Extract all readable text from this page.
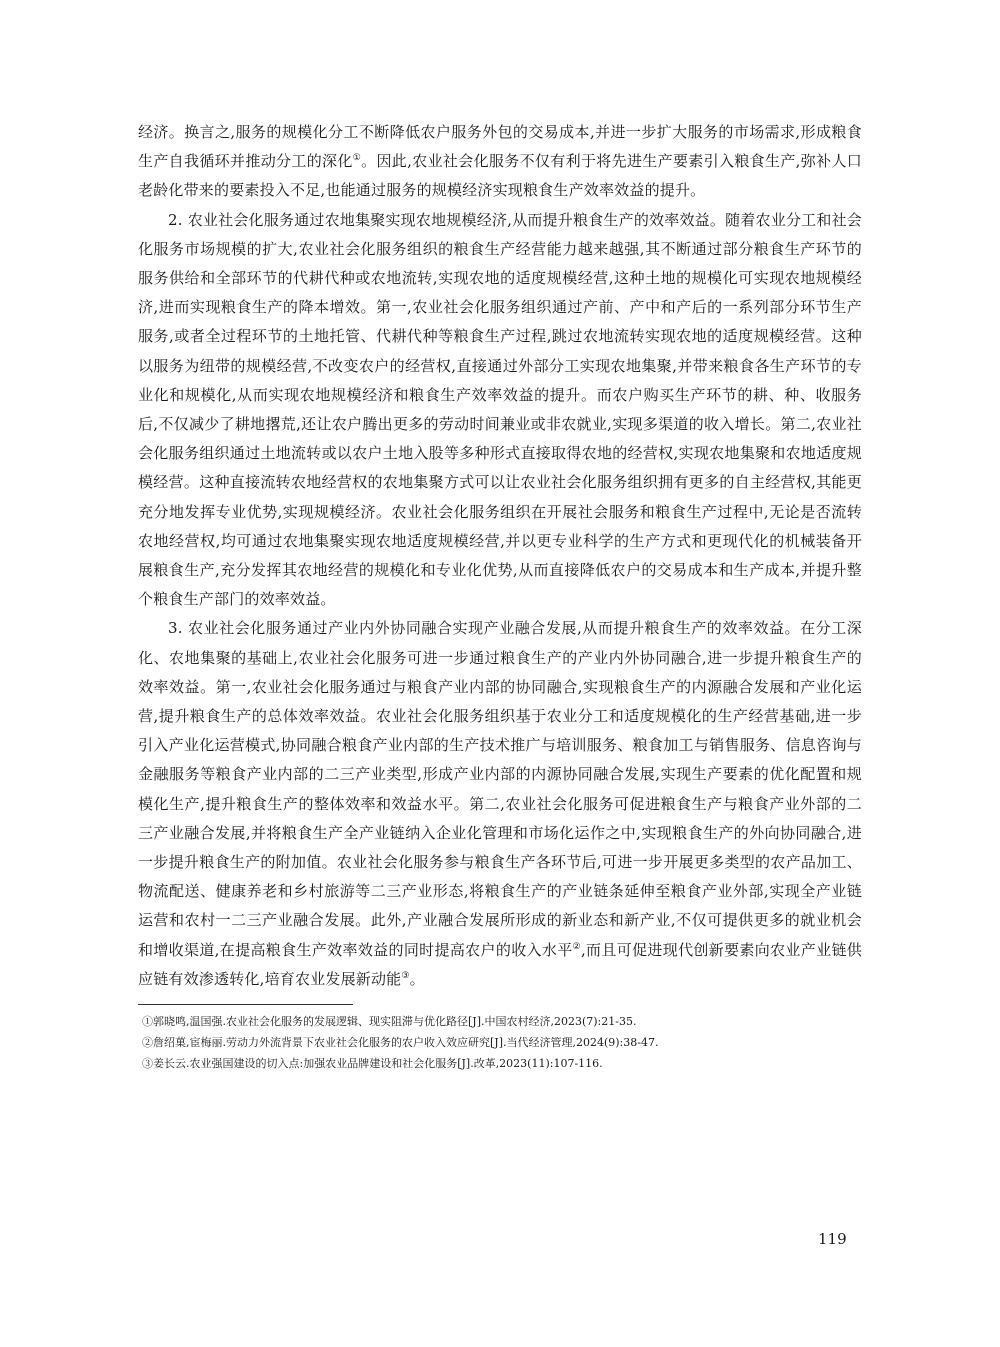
经济。换言之,服务的规模化分工不断降低农户服务外包的交易成本,并进一步扩大服务的市场需求,形成粮食生产自我循环并推动分工的深化①。因此,农业社会化服务不仅有利于将先进生产要素引入粮食生产,弥补人口老龄化带来的要素投入不足,也能通过服务的规模经济实现粮食生产效率效益的提升。

2. 农业社会化服务通过农地集聚实现农地规模经济,从而提升粮食生产的效率效益。随着农业分工和社会化服务市场规模的扩大,农业社会化服务组织的粮食生产经营能力越来越强,其不断通过部分粮食生产环节的服务供给和全部环节的代耕代种或农地流转,实现农地的适度规模经营,这种土地的规模化可实现农地规模经济,进而实现粮食生产的降本增效。第一,农业社会化服务组织通过产前、产中和产后的一系列部分环节生产服务,或者全过程环节的土地托管、代耕代种等粮食生产过程,跳过农地流转实现农地的适度规模经营。这种以服务为纽带的规模经营,不改变农户的经营权,直接通过外部分工实现农地集聚,并带来粮食各生产环节的专业化和规模化,从而实现农地规模经济和粮食生产效率效益的提升。而农户购买生产环节的耕、种、收服务后,不仅减少了耕地撂荒,还让农户腾出更多的劳动时间兼业或非农就业,实现多渠道的收入增长。第二,农业社会化服务组织通过土地流转或以农户土地入股等多种形式直接取得农地的经营权,实现农地集聚和农地适度规模经营。这种直接流转农地经营权的农地集聚方式可以让农业社会化服务组织拥有更多的自主经营权,其能更充分地发挥专业优势,实现规模经济。农业社会化服务组织在开展社会服务和粮食生产过程中,无论是否流转农地经营权,均可通过农地集聚实现农地适度规模经营,并以更专业科学的生产方式和更现代化的机械装备开展粮食生产,充分发挥其农地经营的规模化和专业化优势,从而直接降低农户的交易成本和生产成本,并提升整个粮食生产部门的效率效益。

3. 农业社会化服务通过产业内外协同融合实现产业融合发展,从而提升粮食生产的效率效益。在分工深化、农地集聚的基础上,农业社会化服务可进一步通过粮食生产的产业内外协同融合,进一步提升粮食生产的效率效益。第一,农业社会化服务通过与粮食产业内部的协同融合,实现粮食生产的内源融合发展和产业化运营,提升粮食生产的总体效率效益。农业社会化服务组织基于农业分工和适度规模化的生产经营基础,进一步引入产业化运营模式,协同融合粮食产业内部的生产技术推广与培训服务、粮食加工与销售服务、信息咨询与金融服务等粮食产业内部的二三产业类型,形成产业内部的内源协同融合发展,实现生产要素的优化配置和规模化生产,提升粮食生产的整体效率和效益水平。第二,农业社会化服务可促进粮食生产与粮食产业外部的二三产业融合发展,并将粮食生产全产业链纳入企业化管理和市场化运作之中,实现粮食生产的外向协同融合,进一步提升粮食生产的附加值。农业社会化服务参与粮食生产各环节后,可进一步开展更多类型的农产品加工、物流配送、健康养老和乡村旅游等二三产业形态,将粮食生产的产业链条延伸至粮食产业外部,实现全产业链运营和农村一二三产业融合发展。此外,产业融合发展所形成的新业态和新产业,不仅可提供更多的就业机会和增收渠道,在提高粮食生产效率效益的同时提高农户的收入水平②,而且可促进现代创新要素向农业产业链供应链有效渗透转化,培育农业发展新动能③。

①郭晓鸣,温国强.农业社会化服务的发展逻辑、现实阻滞与优化路径[J].中国农村经济,2023(7):21-35.

②詹绍菓,宦梅丽.劳动力外流背景下农业社会化服务的农户收入效应研究[J].当代经济管理,2024(9):38-47.

③姜长云.农业强国建设的切入点:加强农业品牌建设和社会化服务[J].改革,2023(11):107-116.

119
